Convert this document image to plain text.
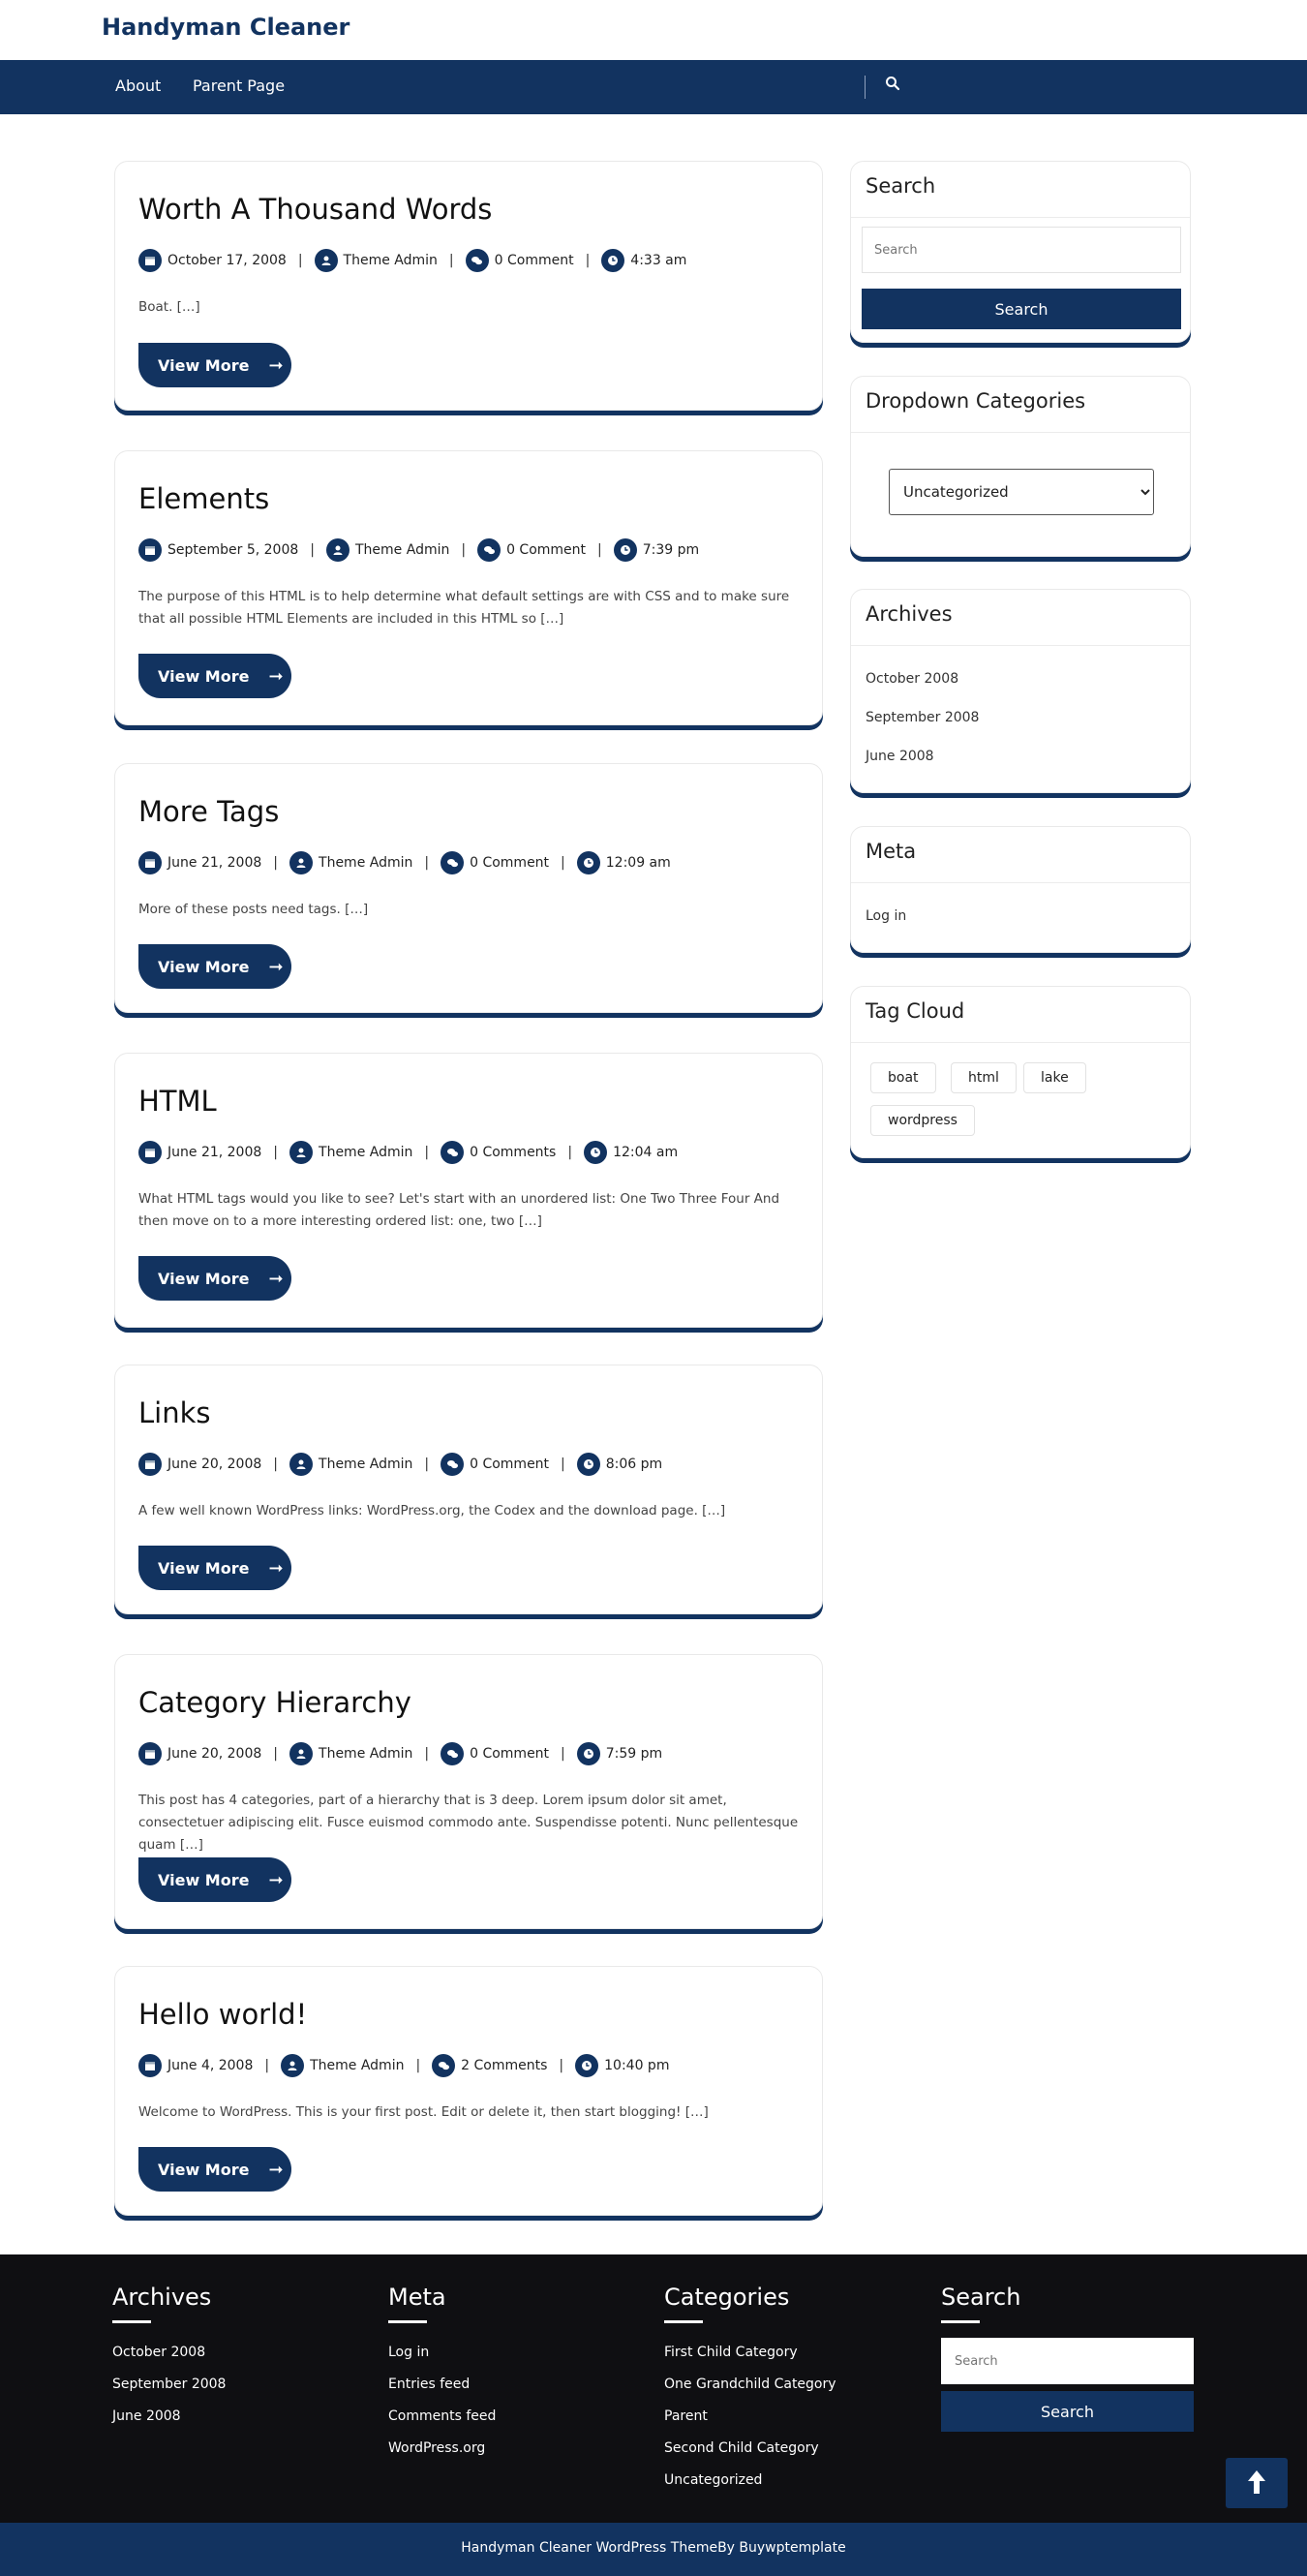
Handyman Cleaner
About Parent Page
Worth A Thousand Words
October 17, 2008 |	Theme Admin |	0 Comment |	4:33 am

Boat. […]

View More ➞
Elements
September 5, 2008 |	Theme Admin |	0 Comment |	7:39 pm

The purpose of this HTML is to help determine what default settings are with CSS and to make sure that all possible HTML Elements are included in this HTML so […]

View More ➞
More Tags
June 21, 2008 |	Theme Admin |	0 Comment |	12:09 am

More of these posts need tags. […]

View More ➞
HTML
June 21, 2008 |	Theme Admin |	0 Comments |	12:04 am

What HTML tags would you like to see? Let's start with an unordered list: One Two Three Four And then move on to a more interesting ordered list: one, two […]

View More ➞
Links
June 20, 2008 |	Theme Admin |	0 Comment |	8:06 pm

A few well known WordPress links: WordPress.org, the Codex and the download page. […]

View More ➞
Category Hierarchy
June 20, 2008 |	Theme Admin |	0 Comment |	7:59 pm

This post has 4 categories, part of a hierarchy that is 3 deep. Lorem ipsum dolor sit amet, consectetuer adipiscing elit. Fusce euismod commodo ante. Suspendisse potenti. Nunc pellentesque quam […]

View More ➞
Hello world!
June 4, 2008 |	Theme Admin |	2 Comments |	10:40 pm

Welcome to WordPress. This is your first post. Edit or delete it, then start blogging! […]

View More ➞
Search
Search
Search
Dropdown Categories
Uncategorized
Archives
October 2008
September 2008
June 2008
Meta
Log in
Tag Cloud
boat	html	lake
wordpress
Archives
October 2008
September 2008
June 2008
Meta
Log in
Entries feed
Comments feed
WordPress.org
Categories
First Child Category
One Grandchild Category
Parent
Second Child Category
Uncategorized
Search
Search
Search
Handyman Cleaner WordPress ThemeBy Buywptemplate
